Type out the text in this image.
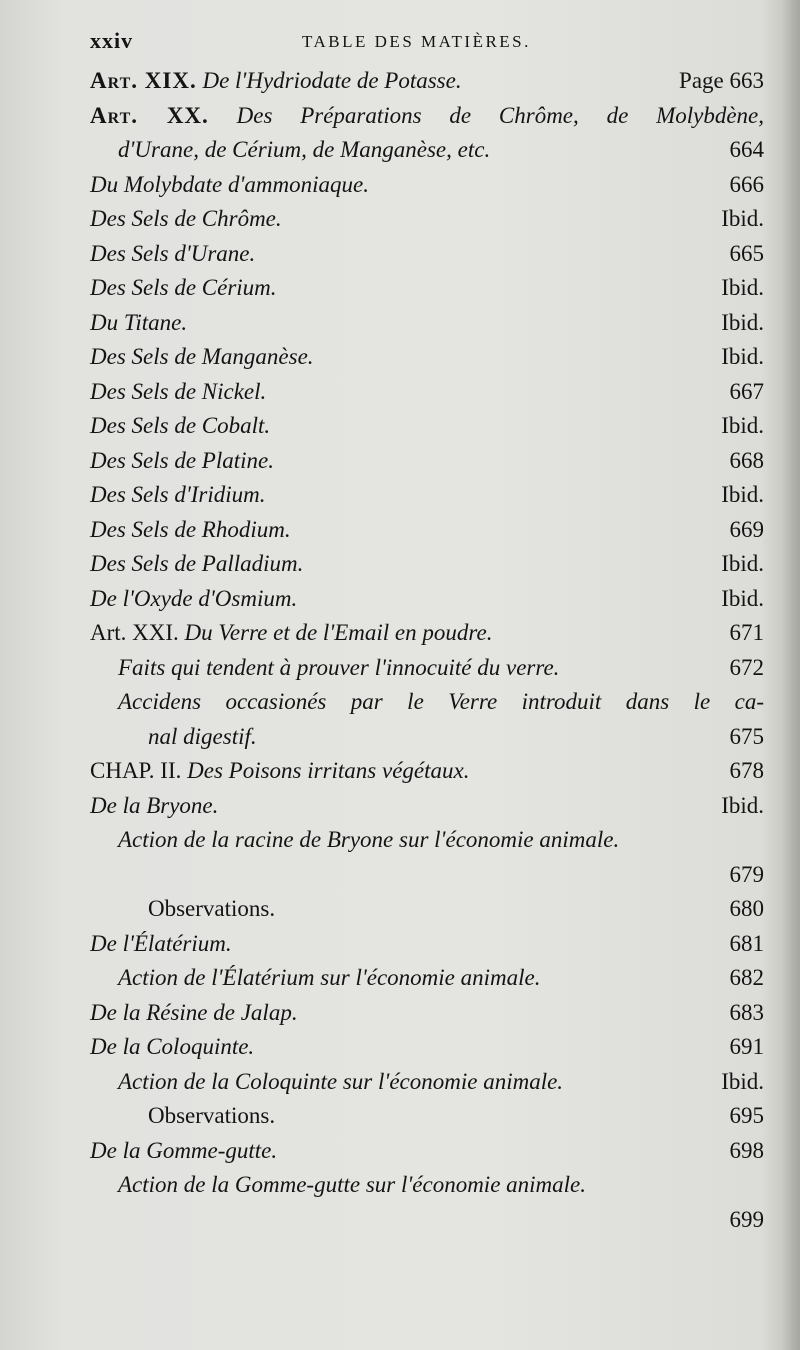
xxiv	TABLE DES MATIÈRES.
Art. XIX. De l'Hydriodate de Potasse.	Page 663
Art. XX. Des Préparations de Chrôme, de Molybdène,
d'Urane, de Cérium, de Manganèse, etc.	664
Du Molybdate d'ammoniaque.	666
Des Sels de Chrôme.	Ibid.
Des Sels d'Urane.	665
Des Sels de Cérium.	Ibid.
Du Titane.	Ibid.
Des Sels de Manganèse.	Ibid.
Des Sels de Nickel.	667
Des Sels de Cobalt.	Ibid.
Des Sels de Platine.	668
Des Sels d'Iridium.	Ibid.
Des Sels de Rhodium.	669
Des Sels de Palladium.	Ibid.
De l'Oxyde d'Osmium.	Ibid.
Art. XXI. Du Verre et de l'Email en poudre.	671
Faits qui tendent à prouver l'innocuité du verre.	672
Accidens occasionés par le Verre introduit dans le ca-
nal digestif.	675
CHAP. II. Des Poisons irritans végétaux.	678
De la Bryone.	Ibid.
Action de la racine de Bryone sur l'économie animale.
679
Observations.	680
De l'Élatérium.	681
Action de l'Élatérium sur l'économie animale.	682
De la Résine de Jalap.	683
De la Coloquinte.	691
Action de la Coloquinte sur l'économie animale.	Ibid.
Observations.	695
De la Gomme-gutte.	698
Action de la Gomme-gutte sur l'économie animale.
699
